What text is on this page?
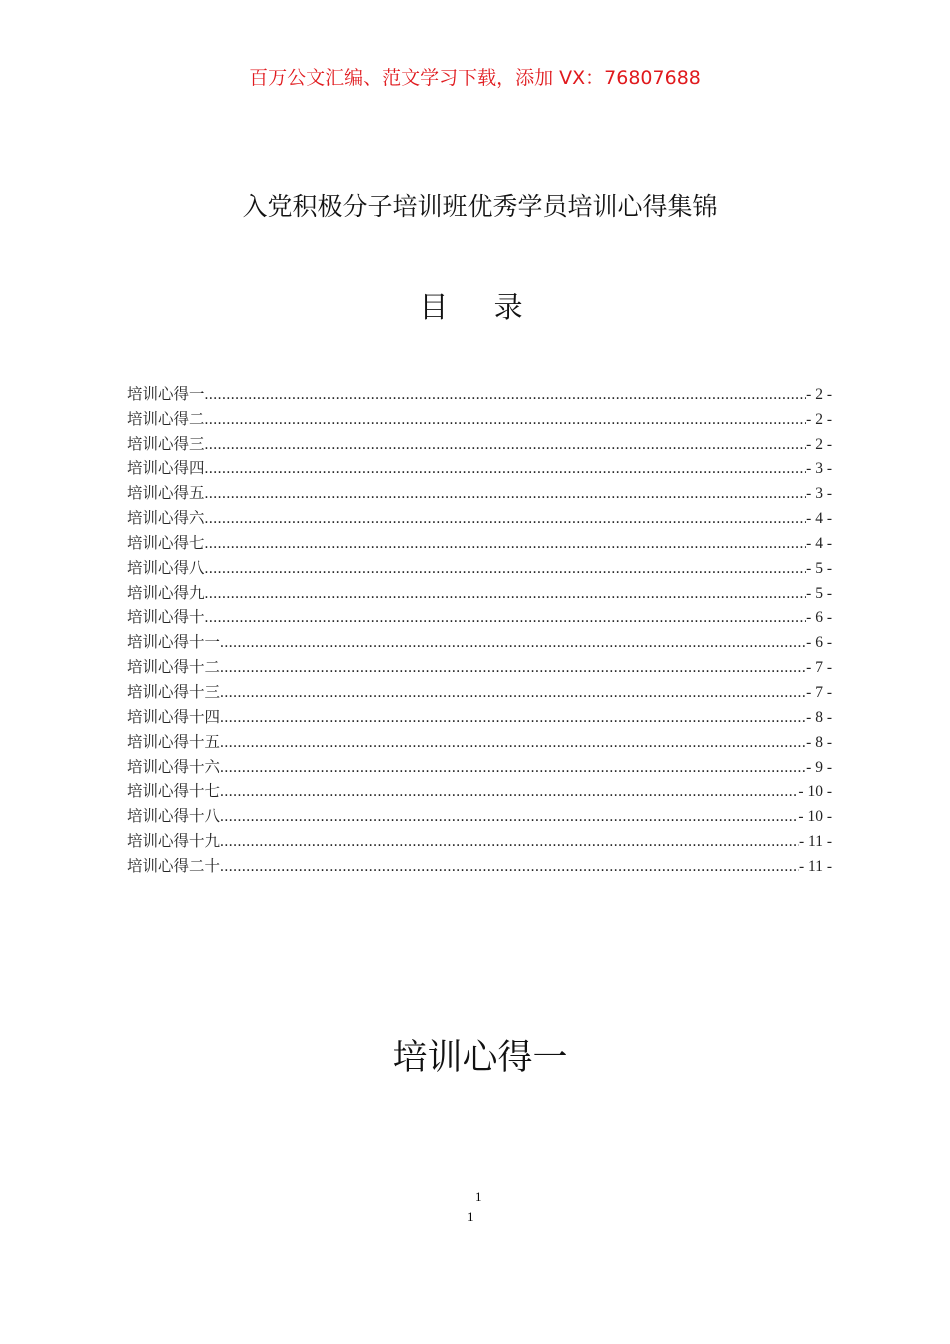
百万公文汇编、范文学习下载，添加 VX：76807688
入党积极分子培训班优秀学员培训心得集锦
目 录
培训心得一 .....	- 2 -
培训心得二 .....	- 2 -
培训心得三 .....	- 2 -
培训心得四 .....	- 3 -
培训心得五 .....	- 3 -
培训心得六 .....	- 4 -
培训心得七 .....	- 4 -
培训心得八 .....	- 5 -
培训心得九 .....	- 5 -
培训心得十 .....	- 6 -
培训心得十一 .....	- 6 -
培训心得十二 .....	- 7 -
培训心得十三 .....	- 7 -
培训心得十四 .....	- 8 -
培训心得十五 .....	- 8 -
培训心得十六 .....	- 9 -
培训心得十七 .....	- 10 -
培训心得十八 .....	- 10 -
培训心得十九 .....	- 11 -
培训心得二十 .....	- 11 -
培训心得一
1
1
